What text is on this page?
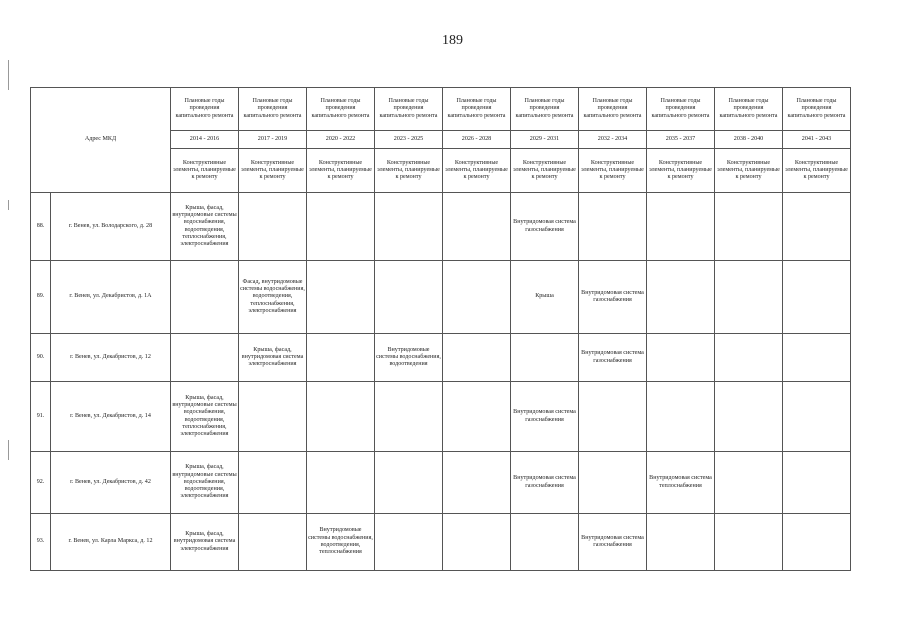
189
Адрес МКД		Плановые годы проведения капитального ремонта	Плановые годы проведения капитального ремонта	Плановые годы проведения капитального ремонта	Плановые годы проведения капитального ремонта	Плановые годы проведения капитального ремонта	Плановые годы проведения капитального ремонта	Плановые годы проведения капитального ремонта	Плановые годы проведения капитального ремонта	Плановые годы проведения капитального ремонта	Плановые годы проведения капитального ремонта
		2014 - 2016	2017 - 2019	2020 - 2022	2023 - 2025	2026 - 2028	2029 - 2031	2032 - 2034	2035 - 2037	2038 - 2040	2041 - 2043
		Конструктивные элементы, планируемые к ремонту	Конструктивные элементы, планируемые к ремонту	Конструктивные элементы, планируемые к ремонту	Конструктивные элементы, планируемые к ремонту	Конструктивные элементы, планируемые к ремонту	Конструктивные элементы, планируемые к ремонту	Конструктивные элементы, планируемые к ремонту	Конструктивные элементы, планируемые к ремонту	Конструктивные элементы, планируемые к ремонту	Конструктивные элементы, планируемые к ремонту
88.	г. Венев, ул. Володарского, д. 28	Крыша, фасад, внутридомовые системы водоснабжения, водоотведения, теплоснабжения, электроснабжения					Внутридомовая система газоснабжения				
89.	г. Венев, ул. Декабристов, д. 1А		Фасад, внутридомовые системы водоснабжения, водоотведения, теплоснабжения, электроснабжения				Крыша	Внутридомовая система газоснабжения			
90.	г. Венев, ул. Декабристов, д. 12		Крыша, фасад, внутридомовая система электроснабжения		Внутридомовые системы водоснабжения, водоотведения			Внутридомовая система газоснабжения			
91.	г. Венев, ул. Декабристов, д. 14	Крыша, фасад, внутридомовые системы водоснабжения, водоотведения, теплоснабжения, электроснабжения					Внутридомовая система газоснабжения				
92.	г. Венев, ул. Декабристов, д. 42	Крыша, фасад, внутридомовые системы водоснабжения, водоотведения, электроснабжения					Внутридомовая система газоснабжения		Внутридомовая система теплоснабжения		
93.	г. Венев, ул. Карла Маркса, д. 12	Крыша, фасад, внутридомовая система электроснабжения		Внутридомовые системы водоснабжения, водоотведения, теплоснабжения				Внутридомовая система газоснабжения			
